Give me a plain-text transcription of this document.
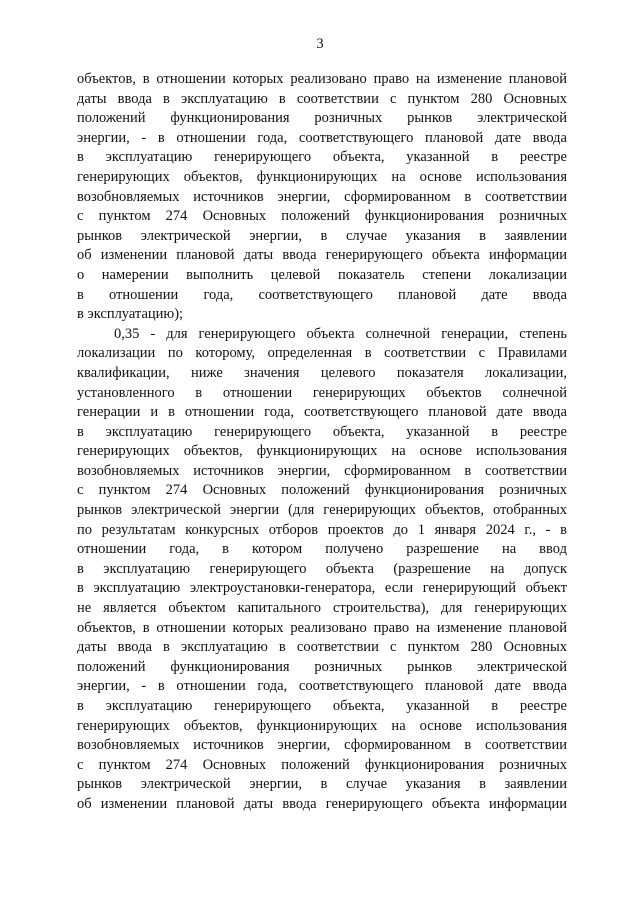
3
объектов, в отношении которых реализовано право на изменение плановой
даты ввода в эксплуатацию в соответствии с пунктом 280 Основных
положений функционирования розничных рынков электрической
энергии, - в отношении года, соответствующего плановой дате ввода
в эксплуатацию генерирующего объекта, указанной в реестре
генерирующих объектов, функционирующих на основе использования
возобновляемых источников энергии, сформированном в соответствии
с пунктом 274 Основных положений функционирования розничных
рынков электрической энергии, в случае указания в заявлении
об изменении плановой даты ввода генерирующего объекта информации
о намерении выполнить целевой показатель степени локализации
в отношении года, соответствующего плановой дате ввода
в эксплуатацию);
0,35 - для генерирующего объекта солнечной генерации, степень
локализации по которому, определенная в соответствии с Правилами
квалификации, ниже значения целевого показателя локализации,
установленного в отношении генерирующих объектов солнечной
генерации и в отношении года, соответствующего плановой дате ввода
в эксплуатацию генерирующего объекта, указанной в реестре
генерирующих объектов, функционирующих на основе использования
возобновляемых источников энергии, сформированном в соответствии
с пунктом 274 Основных положений функционирования розничных
рынков электрической энергии (для генерирующих объектов, отобранных
по результатам конкурсных отборов проектов до 1 января 2024 г., - в
отношении года, в котором получено разрешение на ввод
в эксплуатацию генерирующего объекта (разрешение на допуск
в эксплуатацию электроустановки-генератора, если генерирующий объект
не является объектом капитального строительства), для генерирующих
объектов, в отношении которых реализовано право на изменение плановой
даты ввода в эксплуатацию в соответствии с пунктом 280 Основных
положений функционирования розничных рынков электрической
энергии, - в отношении года, соответствующего плановой дате ввода
в эксплуатацию генерирующего объекта, указанной в реестре
генерирующих объектов, функционирующих на основе использования
возобновляемых источников энергии, сформированном в соответствии
с пунктом 274 Основных положений функционирования розничных
рынков электрической энергии, в случае указания в заявлении
об изменении плановой даты ввода генерирующего объекта информации
